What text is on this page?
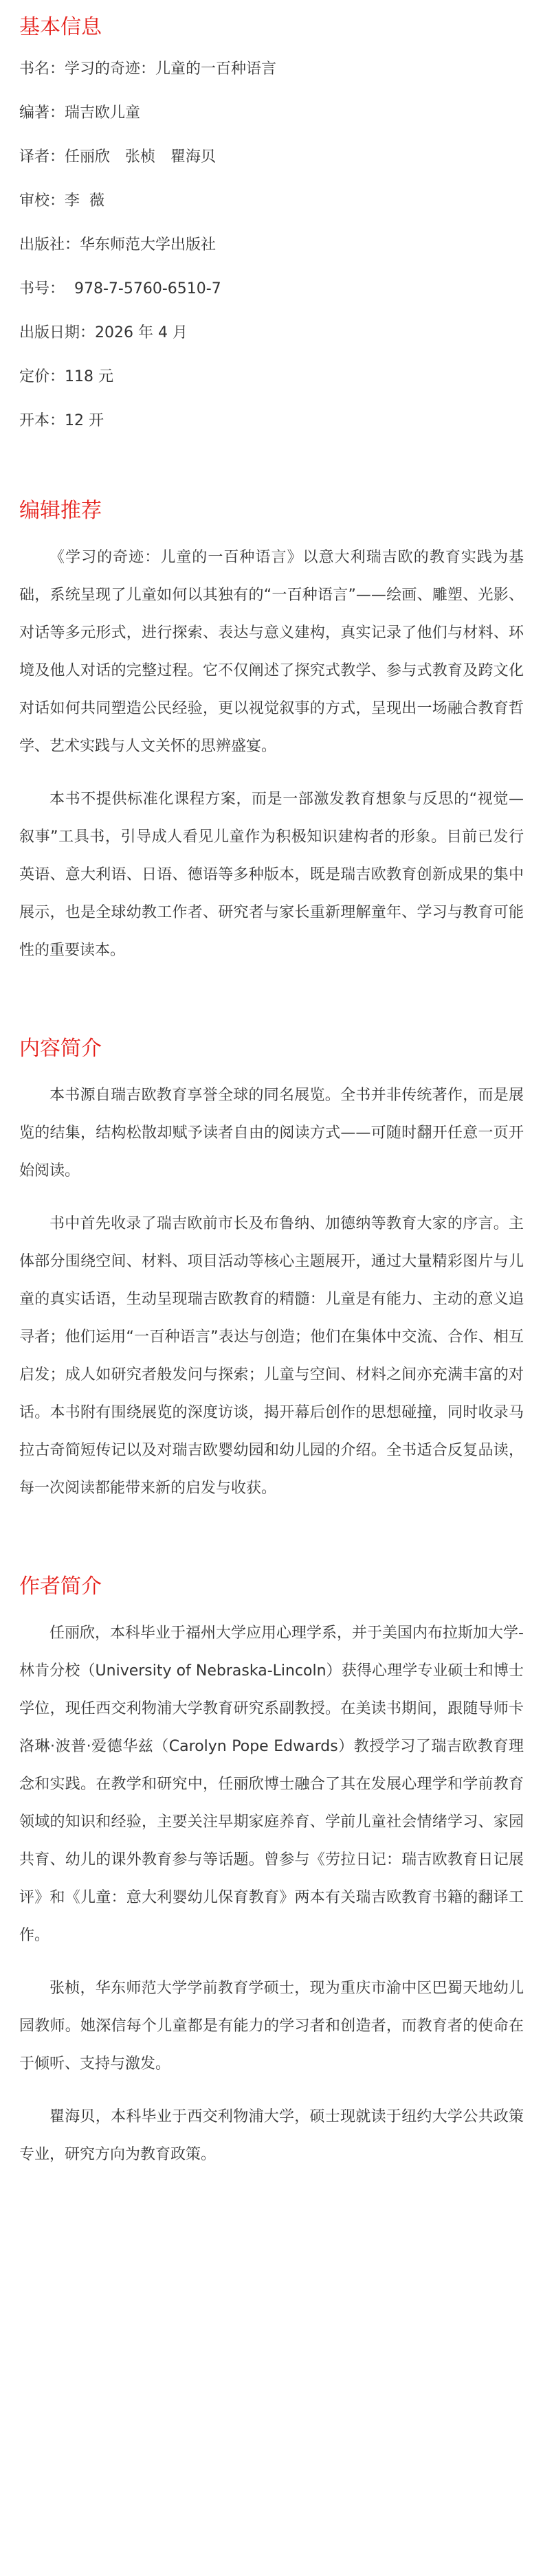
基本信息
书名：学习的奇迹：儿童的一百种语言
编著：瑞吉欧儿童
译者：任丽欣　张桢　瞿海贝
审校：李  薇
出版社：华东师范大学出版社
书号：  978-7-5760-6510-7
出版日期：2026 年 4 月
定价：118 元
开本：12 开
编辑推荐

《学习的奇迹：儿童的一百种语言》以意大利瑞吉欧的教育实践为基础，系统呈现了儿童如何以其独有的“一百种语言”——绘画、雕塑、光影、对话等多元形式，进行探索、表达与意义建构，真实记录了他们与材料、环境及他人对话的完整过程。它不仅阐述了探究式教学、参与式教育及跨文化对话如何共同塑造公民经验，更以视觉叙事的方式，呈现出一场融合教育哲学、艺术实践与人文关怀的思辨盛宴。

本书不提供标准化课程方案，而是一部激发教育想象与反思的“视觉—叙事”工具书，引导成人看见儿童作为积极知识建构者的形象。目前已发行英语、意大利语、日语、德语等多种版本，既是瑞吉欧教育创新成果的集中展示，也是全球幼教工作者、研究者与家长重新理解童年、学习与教育可能性的重要读本。

内容简介

本书源自瑞吉欧教育享誉全球的同名展览。全书并非传统著作，而是展览的结集，结构松散却赋予读者自由的阅读方式——可随时翻开任意一页开始阅读。

书中首先收录了瑞吉欧前市长及布鲁纳、加德纳等教育大家的序言。主体部分围绕空间、材料、项目活动等核心主题展开，通过大量精彩图片与儿童的真实话语，生动呈现瑞吉欧教育的精髓：儿童是有能力、主动的意义追寻者；他们运用“一百种语言”表达与创造；他们在集体中交流、合作、相互启发；成人如研究者般发问与探索；儿童与空间、材料之间亦充满丰富的对话。本书附有围绕展览的深度访谈，揭开幕后创作的思想碰撞，同时收录马拉古奇简短传记以及对瑞吉欧婴幼园和幼儿园的介绍。全书适合反复品读，每一次阅读都能带来新的启发与收获。

作者简介

任丽欣，本科毕业于福州大学应用心理学系，并于美国内布拉斯加大学-林肯分校（University of Nebraska-Lincoln）获得心理学专业硕士和博士学位，现任西交利物浦大学教育研究系副教授。在美读书期间，跟随导师卡洛琳·波普·爱德华兹（Carolyn Pope Edwards）教授学习了瑞吉欧教育理念和实践。在教学和研究中，任丽欣博士融合了其在发展心理学和学前教育领域的知识和经验，主要关注早期家庭养育、学前儿童社会情绪学习、家园共育、幼儿的课外教育参与等话题。曾参与《劳拉日记：瑞吉欧教育日记展评》和《儿童：意大利婴幼儿保育教育》两本有关瑞吉欧教育书籍的翻译工作。

张桢，华东师范大学学前教育学硕士，现为重庆市渝中区巴蜀天地幼儿园教师。她深信每个儿童都是有能力的学习者和创造者，而教育者的使命在于倾听、支持与激发。

瞿海贝，本科毕业于西交利物浦大学，硕士现就读于纽约大学公共政策专业，研究方向为教育政策。
